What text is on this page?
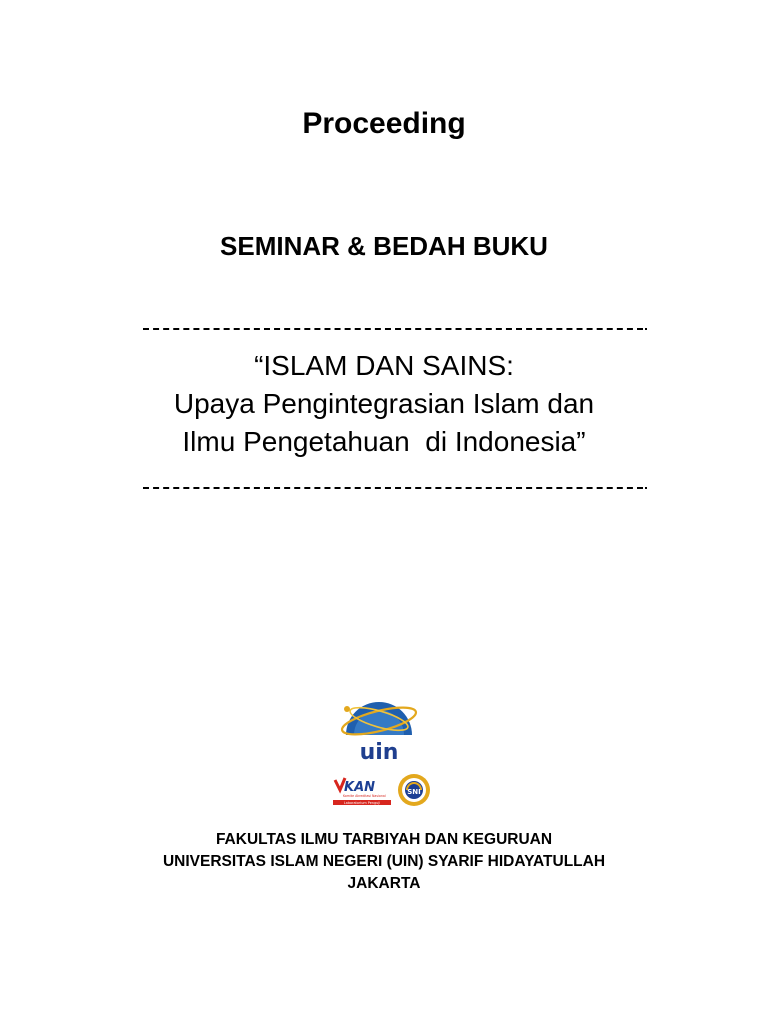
Proceeding
SEMINAR & BEDAH BUKU
“ISLAM DAN SAINS:
Upaya Pengintegrasian Islam dan
Ilmu Pengetahuan  di Indonesia”
uin
KAN
Komite Akreditasi Nasional
Laboratorium Penguji
SNI
FAKULTAS ILMU TARBIYAH DAN KEGURUAN
UNIVERSITAS ISLAM NEGERI (UIN) SYARIF HIDAYATULLAH
JAKARTA
